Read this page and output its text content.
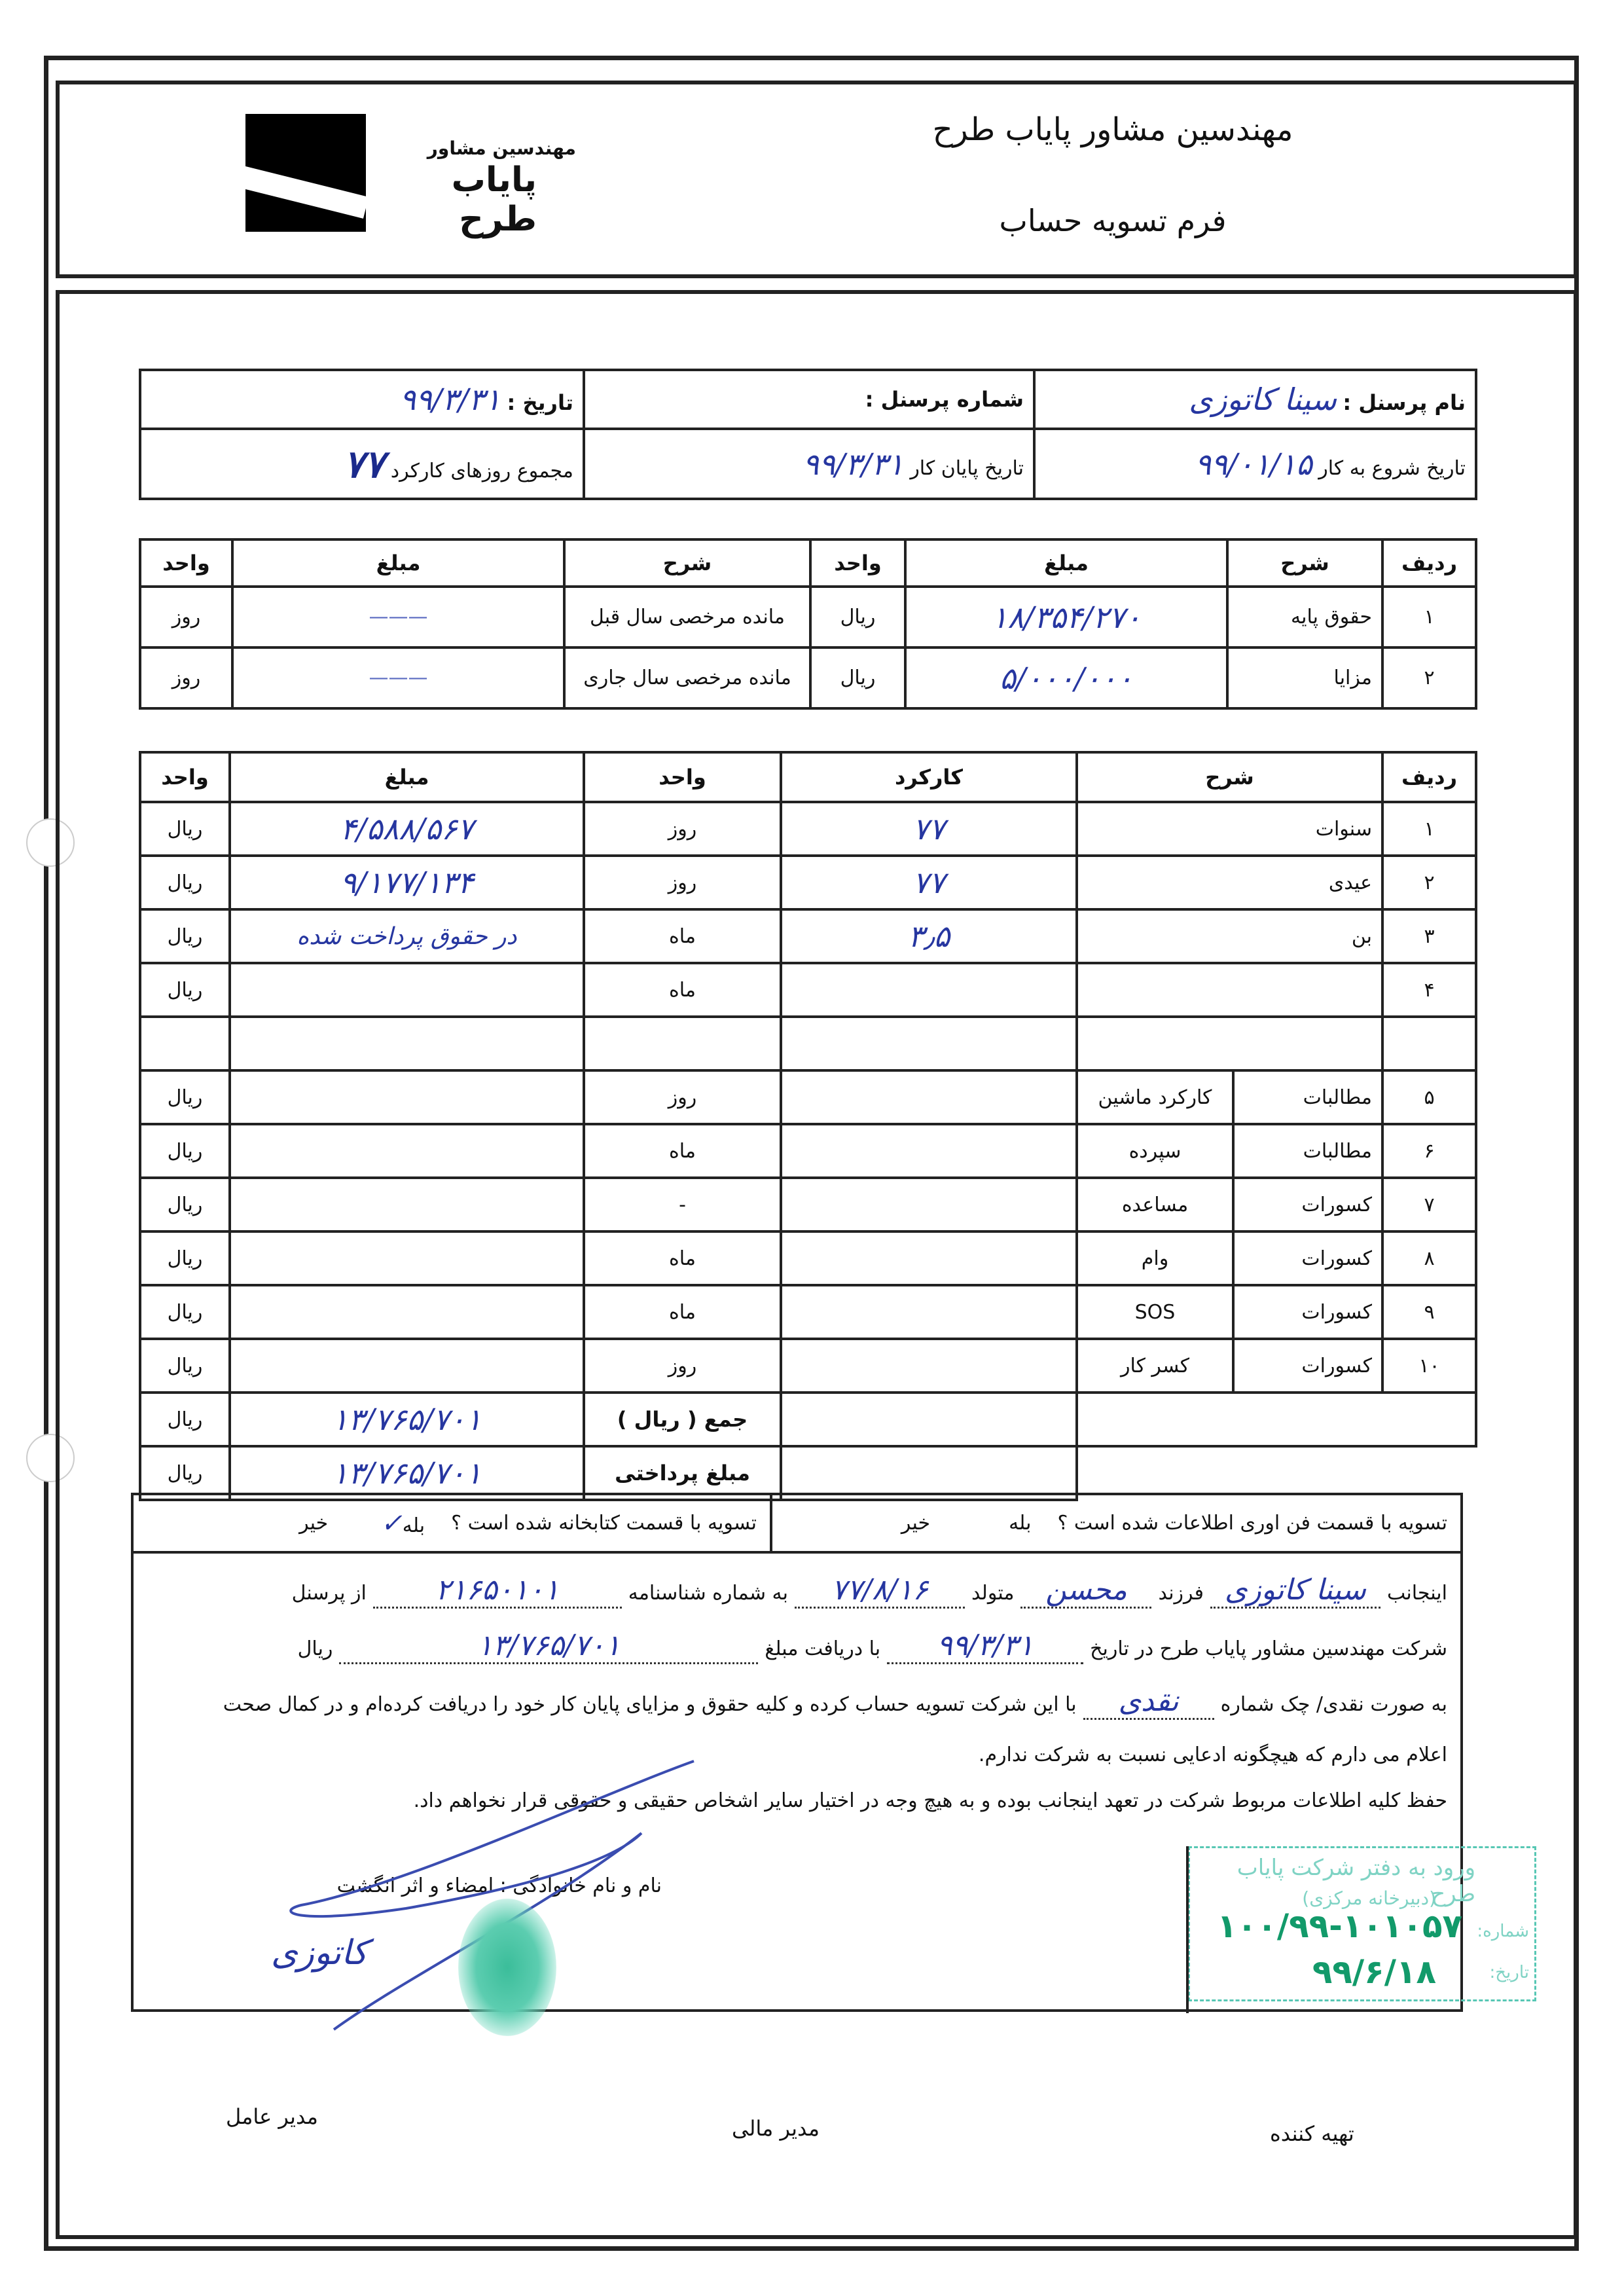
مهندسین مشاور
پایاب طرح
مهندسین مشاور پایاب طرح
فرم تسویه حساب
نام پرسنل : سینا کاتوزی	شماره پرسنل :	تاریخ : ۹۹/۳/۳۱
تاریخ شروع به کار ۹۹/۰۱/۱۵	تاریخ پایان کار ۹۹/۳/۳۱	مجموع روزهای کارکرد ۷۷
ردیف	شرح	مبلغ	واحد	شرح	مبلغ	واحد
۱	حقوق پایه	۱۸/۳۵۴/۲۷۰	ریال	مانده مرخصی سال قبل	———	روز
۲	مزایا	۵/۰۰۰/۰۰۰	ریال	مانده مرخصی سال جاری	———	روز
ردیف	شرح		کارکرد	واحد	مبلغ	واحد
۱	سنوات		۷۷	روز	۴/۵۸۸/۵۶۷	ریال
۲	عیدی		۷۷	روز	۹/۱۷۷/۱۳۴	ریال
۳	بن		۳٫۵	ماه	در حقوق پرداخت شده	ریال
۴				ماه		ریال

۵	مطالبات	کارکرد ماشین		روز		ریال
۶	مطالبات	سپرده		ماه		ریال
۷	کسورات	مساعده		-		ریال
۸	کسورات	وام		ماه		ریال
۹	کسورات	SOS		ماه		ریال
۱۰	کسورات	کسر کار		روز		ریال
				جمع ( ریال )	۱۳/۷۶۵/۷۰۱	ریال
				مبلغ پرداختی	۱۳/۷۶۵/۷۰۱	ریال
تسویه با قسمت فن اوری اطلاعات شده است ؟
بله
خیر
تسویه با قسمت کتابخانه شده است ؟
بله✓
خیر
اینجانب
سینا کاتوزی
فرزند
محسن
متولد
۷۷/۸/۱۶
به شماره شناسنامه
۲۱۶۵۰۱۰۱
از پرسنل
شرکت مهندسین مشاور پایاب طرح در تاریخ
۹۹/۳/۳۱
با دریافت مبلغ
۱۳/۷۶۵/۷۰۱
ریال
به صورت نقدی/ چک شماره
نقدی
با این شرکت تسویه حساب کرده و کلیه حقوق و مزایای پایان کار خود را دریافت کرده‌ام و در کمال صحت
اعلام می دارم که هیچگونه ادعایی نسبت به شرکت ندارم.
حفظ کلیه اطلاعات مربوط شرکت در تعهد اینجانب بوده و به هیچ وجه در اختیار سایر اشخاص حقیقی و حقوقی قرار نخواهم داد.
نام و نام خانوادگی : امضاء و اثر انگشت
کاتوزی
ورود به دفتر شرکت پایاب طرح
(دبیرخانه مرکزی)
شماره:
۱۰۰/۹۹-۱۰۱۰۵۷
تاریخ:
۹۹/۶/۱۸
تهیه کننده
مدیر مالی
مدیر عامل
